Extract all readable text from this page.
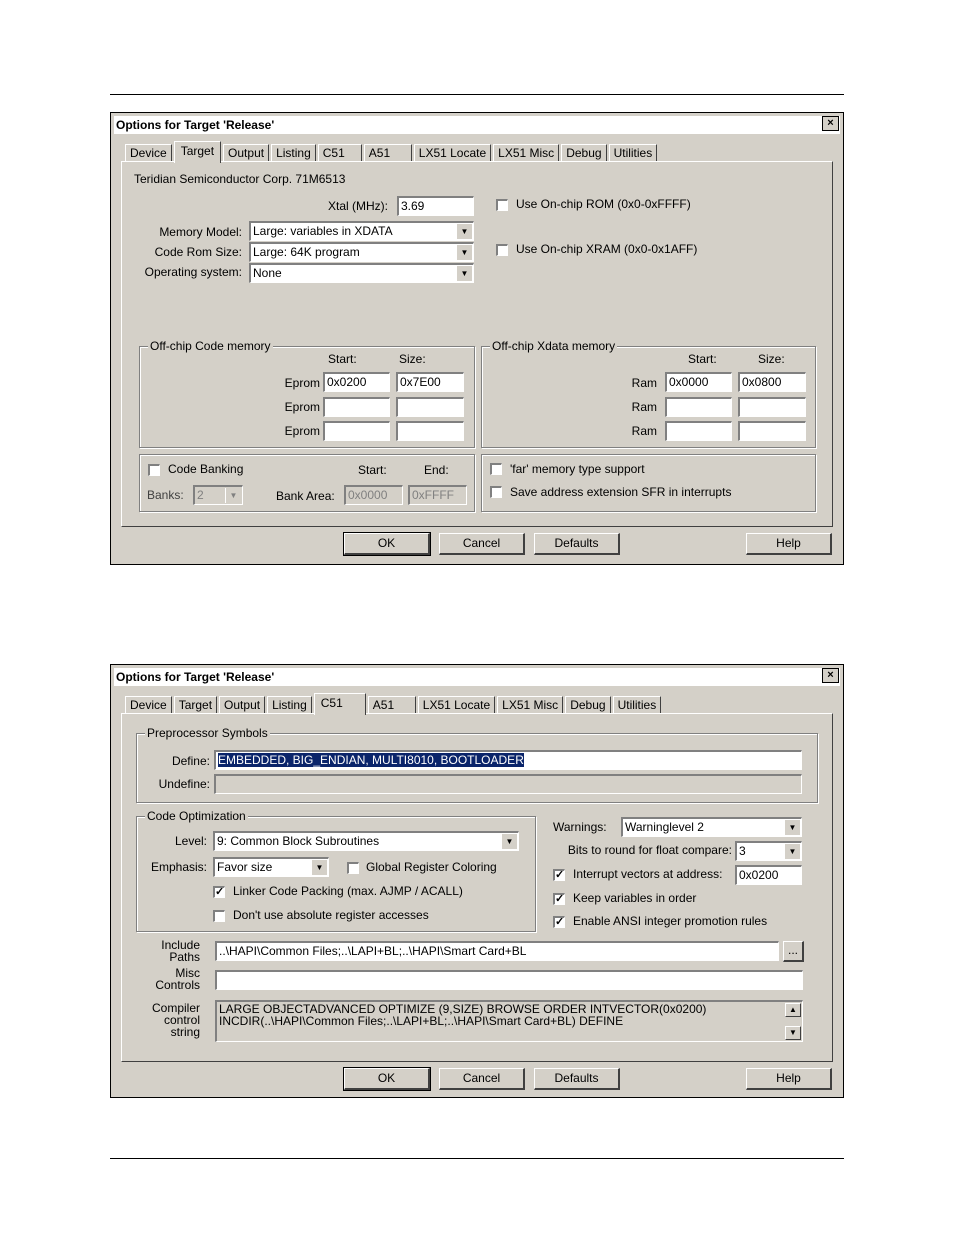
Options for Target 'Release'	×
Device	Target	Output	Listing	C51	A51	LX51 Locate	LX51 Misc	Debug	Utilities
Teridian Semiconductor Corp. 71M6513
Xtal (MHz):	3.69
Memory Model: Large: variables in XDATA	▼
Code Rom Size: Large: 64K program	▼
Operating system: None	▼
Use On-chip ROM (0x0-0xFFFF)
Use On-chip XRAM (0x0-0x1AFF)
Off-chip Code memory
Start:	Size:
Eprom 0x0200	0x7E00
Eprom
Eprom
Off-chip Xdata memory
Start:	Size:
Ram	0x0000	0x0800
Ram
Ram
Code Banking	Start:	End:
Banks:	2	▼	Bank Area:	0x0000	0xFFFF
'far' memory type support
Save address extension SFR in interrupts
OK	Cancel	Defaults	Help
Options for Target 'Release'	×
Device	Target	Output	Listing	C51	A51	LX51 Locate	LX51 Misc	Debug	Utilities
Preprocessor Symbols
Define: EMBEDDED, BIG_ENDIAN, MULTI8010, BOOTLOADER
Undefine:
Code Optimization
Level: 9: Common Block Subroutines	▼
Emphasis: Favor size	▼	Global Register Coloring
✓ Linker Code Packing (max. AJMP / ACALL)
Don't use absolute register accesses
Warnings:	Warninglevel 2	▼
Bits to round for float compare: 3	▼
✓ Interrupt vectors at address:	0x0200
✓ Keep variables in order
✓ Enable ANSI integer promotion rules
Include
Paths	..\HAPI\Common Files;..\LAPI+BL;..\HAPI\Smart Card+BL	...
Misc
Controls
Compiler
control
string
LARGE OBJECTADVANCED OPTIMIZE (9,SIZE) BROWSE ORDER INTVECTOR(0x0200)
INCDIR(..\HAPI\Common Files;..\LAPI+BL;..\HAPI\Smart Card+BL) DEFINE
▲
▼
OK	Cancel	Defaults	Help
